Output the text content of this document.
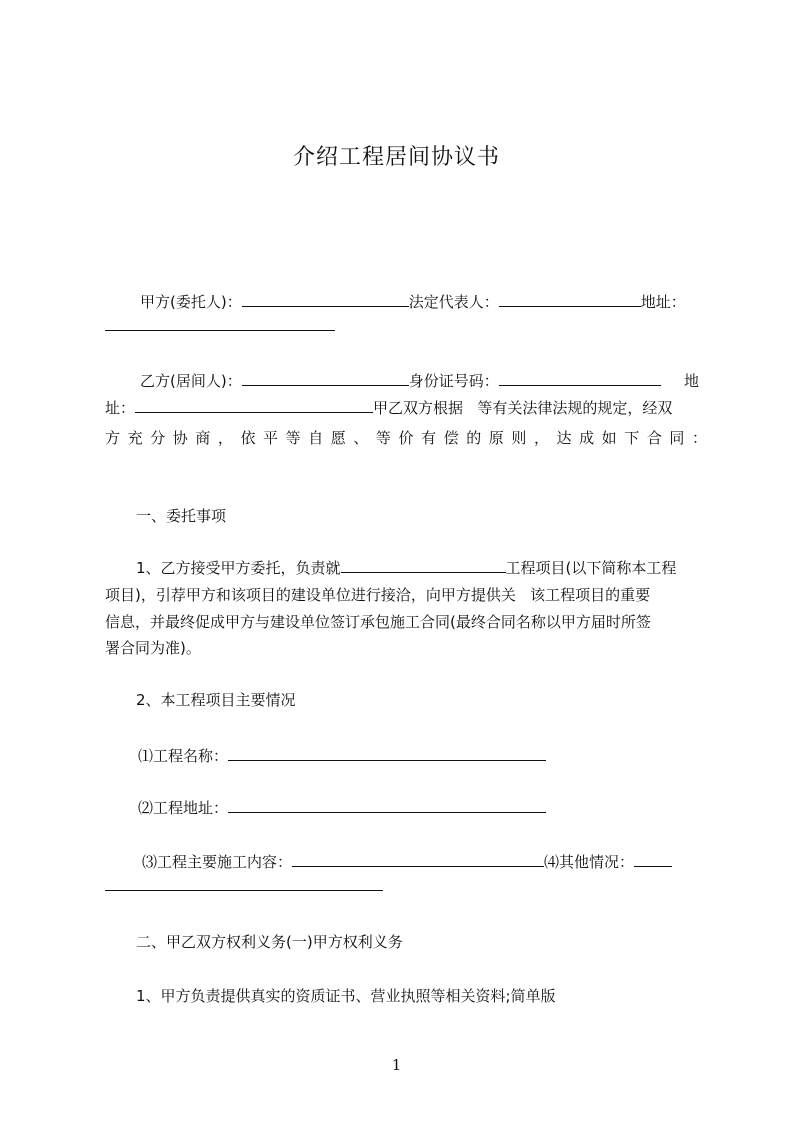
介绍工程居间协议书
甲方(委托人)：	法定代表人：	地址：
乙方(居间人)：	身份证号码：	地
址：	甲乙双方根据   等有关法律法规的规定，经双
方充分协商，依平等自愿、等价有偿的原则，达成如下合同：
一、委托事项
1、乙方接受甲方委托，负责就	工程项目(以下简称本工程
项目)，引荐甲方和该项目的建设单位进行接洽，向甲方提供关   该工程项目的重要
信息，并最终促成甲方与建设单位签订承包施工合同(最终合同名称以甲方届时所签
署合同为准)。
2、本工程项目主要情况
⑴工程名称：
⑵工程地址：
⑶工程主要施工内容：	⑷其他情况：
二、甲乙双方权利义务(一)甲方权利义务
1、甲方负责提供真实的资质证书、营业执照等相关资料;简单版
1
